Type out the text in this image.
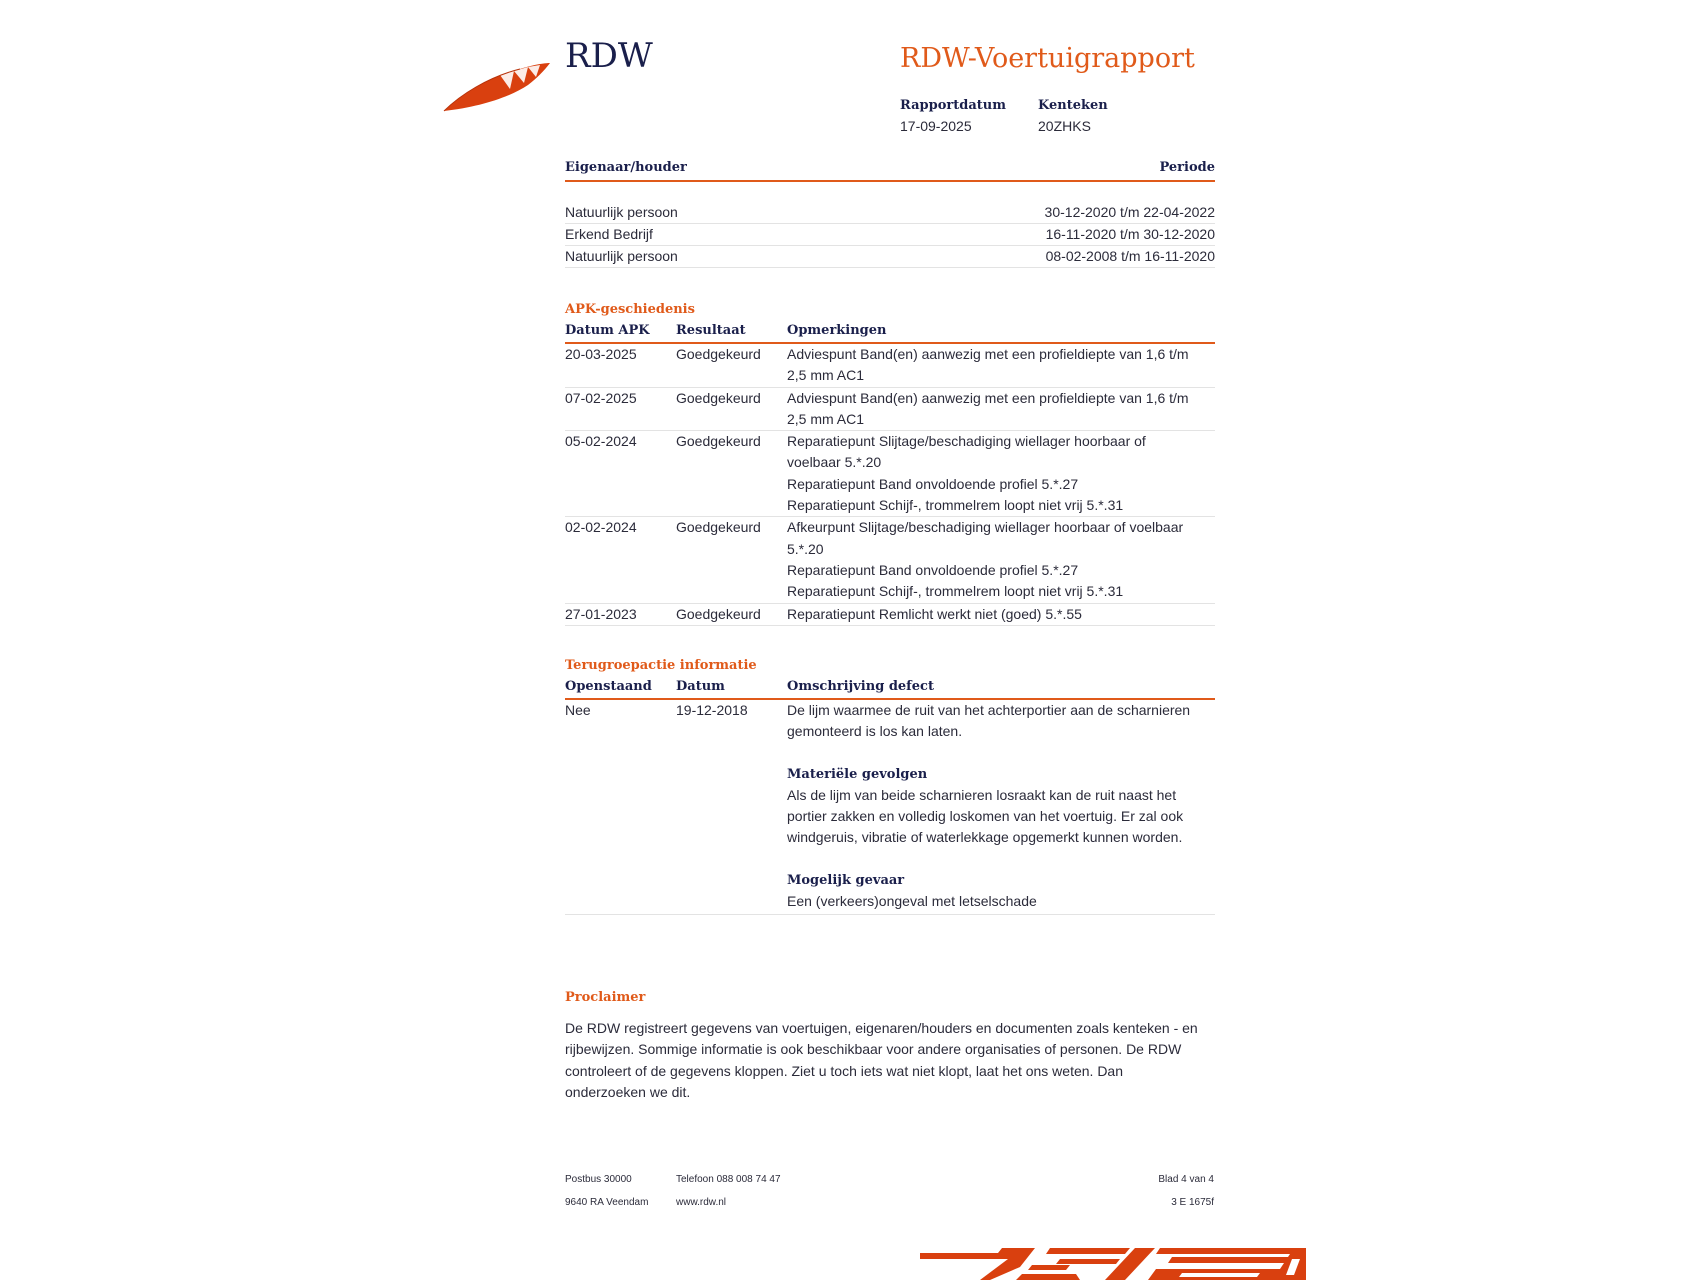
RDW	RDW-Voertuigrapport
Rapportdatum
17-09-2025
Kenteken
20ZHKS
Eigenaar/houder	Periode
Natuurlijk persoon	30-12-2020 t/m 22-04-2022
Erkend Bedrijf	16-11-2020 t/m 30-12-2020
Natuurlijk persoon	08-02-2008 t/m 16-11-2020
APK-geschiedenis
Datum APK	Resultaat	Opmerkingen
20-03-2025	Goedgekeurd	Adviespunt Band(en) aanwezig met een profieldiepte van 1,6 t/m 2,5 mm AC1
07-02-2025	Goedgekeurd	Adviespunt Band(en) aanwezig met een profieldiepte van 1,6 t/m 2,5 mm AC1
05-02-2024	Goedgekeurd	Reparatiepunt Slijtage/beschadiging wiellager hoorbaar of voelbaar 5.*.20
Reparatiepunt Band onvoldoende profiel 5.*.27
Reparatiepunt Schijf-, trommelrem loopt niet vrij 5.*.31
02-02-2024	Goedgekeurd	Afkeurpunt Slijtage/beschadiging wiellager hoorbaar of voelbaar 5.*.20
Reparatiepunt Band onvoldoende profiel 5.*.27
Reparatiepunt Schijf-, trommelrem loopt niet vrij 5.*.31
27-01-2023	Goedgekeurd	Reparatiepunt Remlicht werkt niet (goed) 5.*.55
Terugroepactie informatie
Openstaand	Datum	Omschrijving defect
Nee	19-12-2018	De lijm waarmee de ruit van het achterportier aan de scharnieren gemonteerd is los kan laten.
Materiële gevolgen
Als de lijm van beide scharnieren losraakt kan de ruit naast het portier zakken en volledig loskomen van het voertuig. Er zal ook windgeruis, vibratie of waterlekkage opgemerkt kunnen worden.
Mogelijk gevaar
Een (verkeers)ongeval met letselschade
Proclaimer
De RDW registreert gegevens van voertuigen, eigenaren/houders en documenten zoals kenteken - en rijbewijzen. Sommige informatie is ook beschikbaar voor andere organisaties of personen. De RDW controleert of de gegevens kloppen. Ziet u toch iets wat niet klopt, laat het ons weten. Dan onderzoeken we dit.
Postbus 30000
9640 RA Veendam
Telefoon 088 008 74 47
www.rdw.nl
Blad 4 van 4
3 E 1675f
